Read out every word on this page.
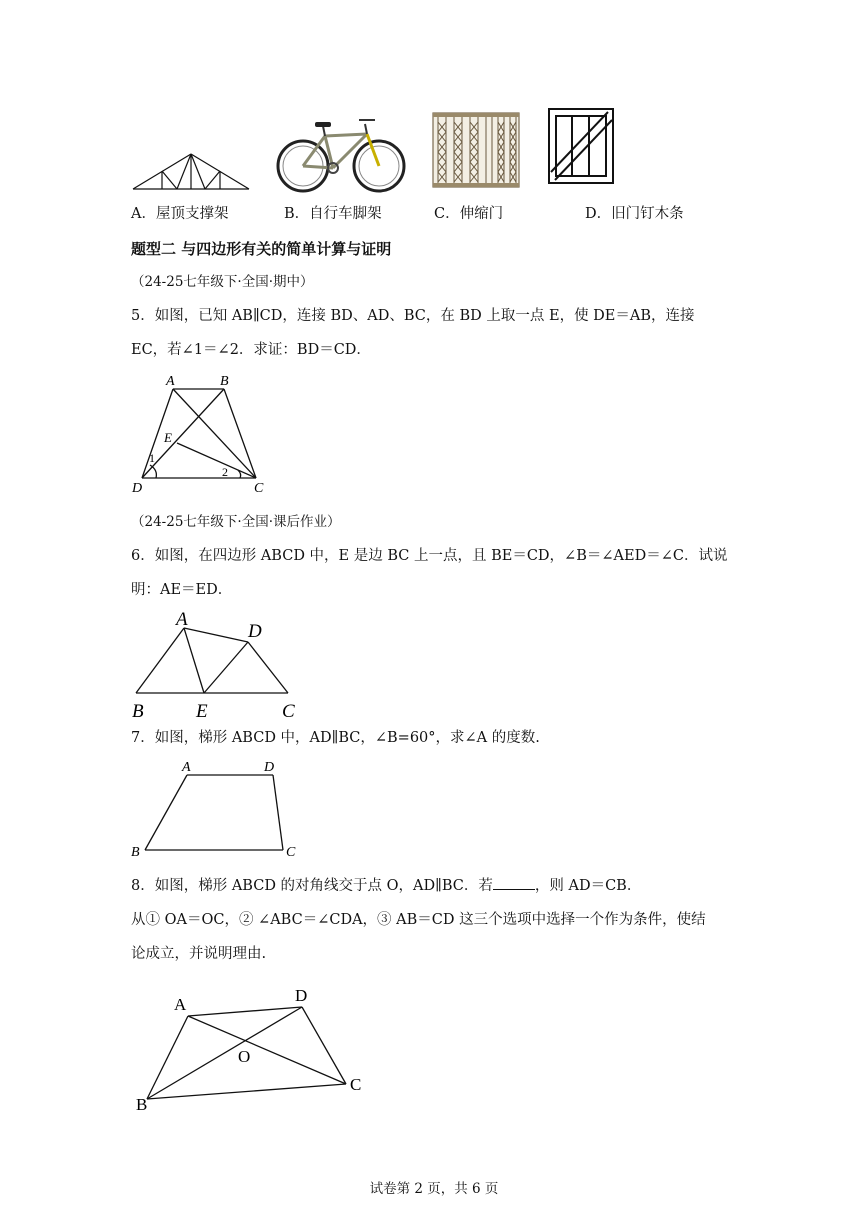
A．屋顶支撑架	B．自行车脚架	C．伸缩门	D．旧门钉木条
题型二 与四边形有关的简单计算与证明
（24-25七年级下·全国·期中）
5．如图，已知 AB∥CD，连接 BD、AD、BC，在 BD 上取一点 E，使 DE＝AB，连接
EC，若∠1＝∠2．求证：BD＝CD．
A	B
D	C
E
1
2
（24-25七年级下·全国·课后作业）
6．如图，在四边形 ABCD 中，E 是边 BC 上一点，且 BE＝CD，∠B＝∠AED＝∠C．试说
明：AE＝ED．
A
D
B	E	C
7．如图，梯形 ABCD 中，AD∥BC，∠B=60°，求∠A 的度数.
A	D
B	C
8．如图，梯形 ABCD 的对角线交于点 O，AD∥BC．若	，则 AD＝CB．
从① OA＝OC，② ∠ABC＝∠CDA，③ AB＝CD 这三个选项中选择一个作为条件，使结
论成立，并说明理由.
A	D
B
C
O
试卷第 2 页，共 6 页
